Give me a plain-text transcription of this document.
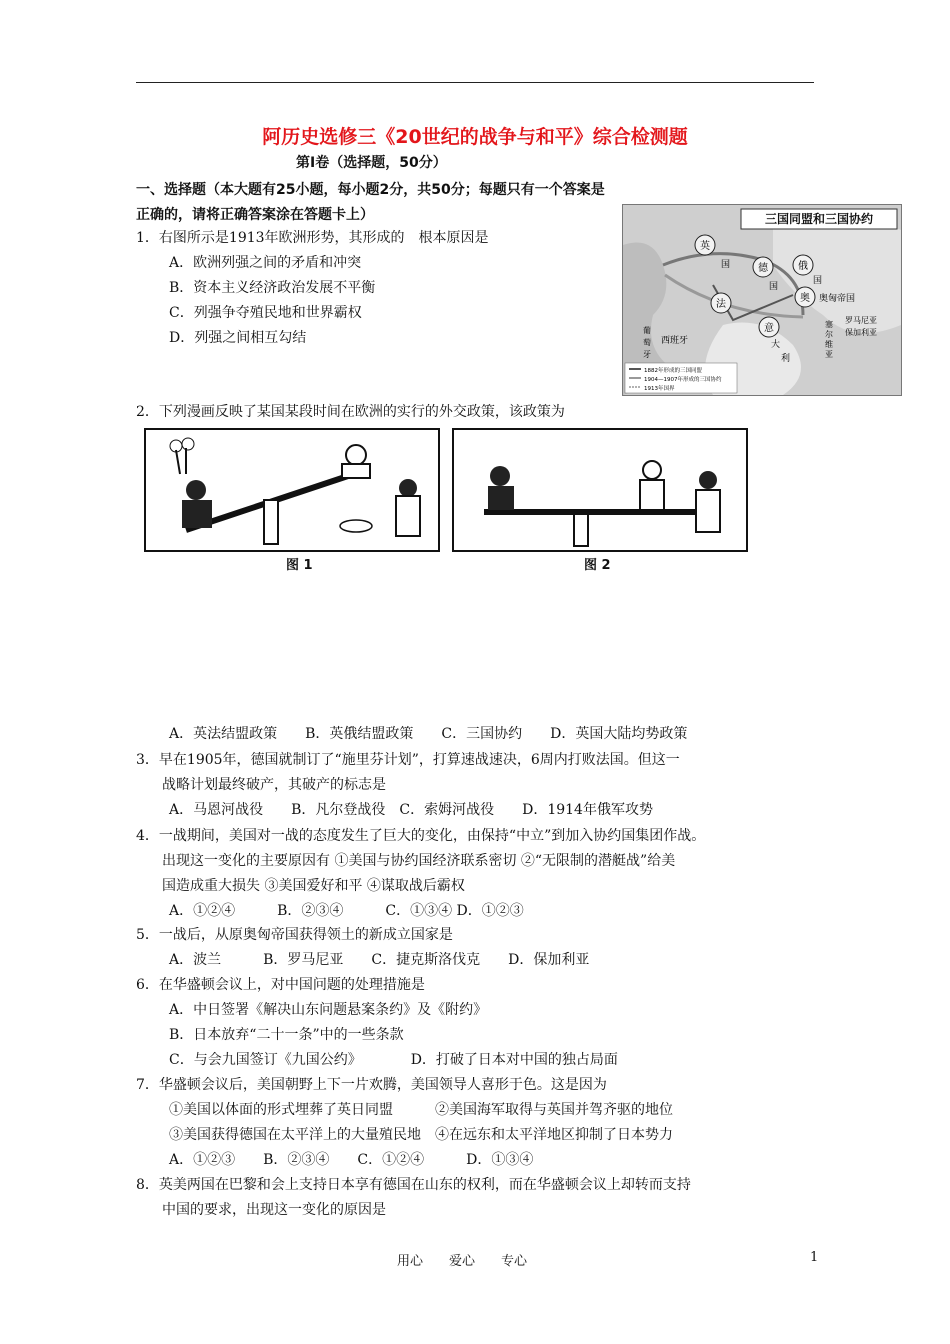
阿历史选修三《20世纪的战争与和平》综合检测题
第Ⅰ卷（选择题，50分）
一、选择题（本大题有25小题，每小题2分，共50分；每题只有一个答案是正确的，请将正确答案涂在答题卡上）
1．右图所示是1913年欧洲形势，其形成的　根本原因是
A．欧洲列强之间的矛盾和冲突
B．资本主义经济政治发展不平衡
C．列强争夺殖民地和世界霸权
D．列强之间相互勾结
三国同盟和三国协约
英
德	俄
法
奥
意
国
国
国
奥匈帝国
大
利
西班牙
葡
罗马尼亚
保加利亚
萄
牙
塞
尔
维
亚
1882年形成的三国同盟
1904—1907年形成的三国协约
1913年国界
2．下列漫画反映了某国某段时间在欧洲的实行的外交政策，该政策为
图 1	图 2
A．英法结盟政策　　B．英俄结盟政策　　C．三国协约　　D．英国大陆均势政策
3．早在1905年，德国就制订了“施里芬计划”，打算速战速决，6周内打败法国。但这一
战略计划最终破产，其破产的标志是
A．马恩河战役　　B．凡尔登战役　C．索姆河战役　　D．1914年俄军攻势
4．一战期间，美国对一战的态度发生了巨大的变化，由保持“中立”到加入协约国集团作战。
出现这一变化的主要原因有 ①美国与协约国经济联系密切 ②“无限制的潜艇战”给美
国造成重大损失 ③美国爱好和平 ④谋取战后霸权
A．①②④　　　B．②③④　　　C．①③④ D．①②③
5．一战后，从原奥匈帝国获得领土的新成立国家是
A．波兰　　　B．罗马尼亚　　C．捷克斯洛伐克　　D．保加利亚
6．在华盛顿会议上，对中国问题的处理措施是
A．中日签署《解决山东问题悬案条约》及《附约》
B．日本放弃“二十一条”中的一些条款
C．与会九国签订《九国公约》　　　　D．打破了日本对中国的独占局面
7．华盛顿会议后，美国朝野上下一片欢腾，美国领导人喜形于色。这是因为
①美国以体面的形式埋葬了英日同盟　　　②美国海军取得与英国并驾齐驱的地位
③美国获得德国在太平洋上的大量殖民地　④在远东和太平洋地区抑制了日本势力
A．①②③　　B．②③④　　C．①②④　　　D．①③④
8．英美两国在巴黎和会上支持日本享有德国在山东的权利，而在华盛顿会议上却转而支持
中国的要求，出现这一变化的原因是
用心　　爱心　　专心	1
